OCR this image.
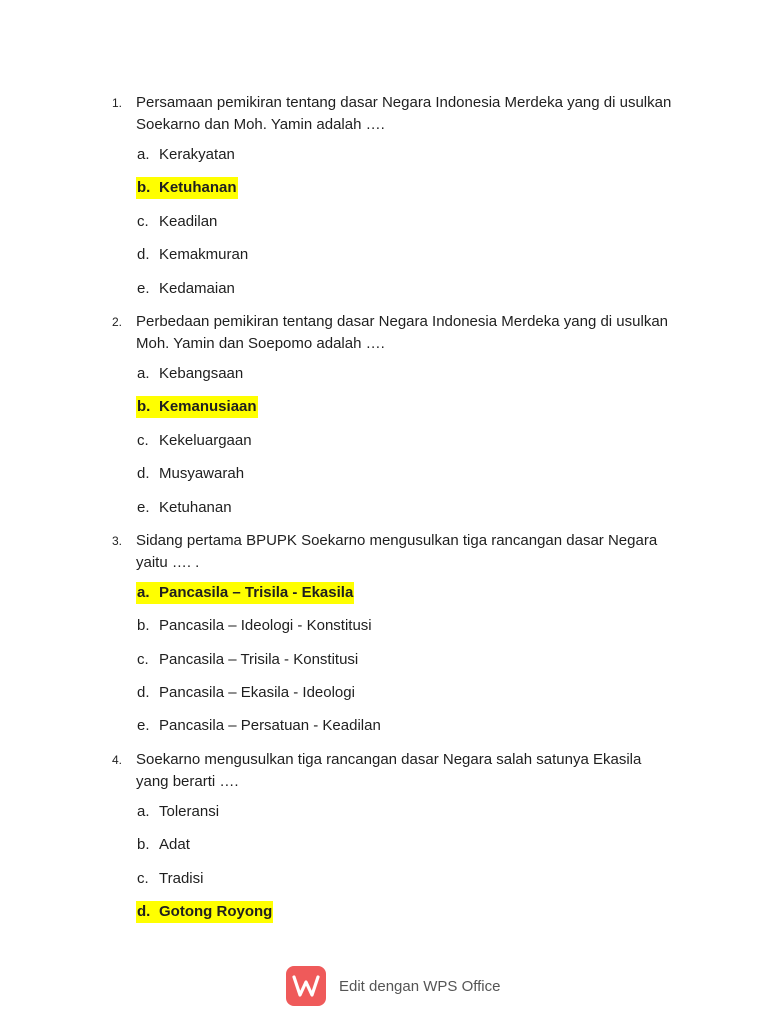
1. Persamaan pemikiran tentang dasar Negara Indonesia Merdeka yang di usulkan Soekarno dan Moh. Yamin adalah ….
a. Kerakyatan
b. Ketuhanan
c. Keadilan
d. Kemakmuran
e. Kedamaian
2. Perbedaan pemikiran tentang dasar Negara Indonesia Merdeka yang di usulkan Moh. Yamin dan Soepomo adalah ….
a. Kebangsaan
b. Kemanusiaan
c. Kekeluargaan
d. Musyawarah
e. Ketuhanan
3. Sidang pertama BPUPK Soekarno mengusulkan tiga rancangan dasar Negara yaitu …. .
a. Pancasila – Trisila - Ekasila
b. Pancasila – Ideologi - Konstitusi
c. Pancasila – Trisila - Konstitusi
d. Pancasila – Ekasila - Ideologi
e. Pancasila – Persatuan - Keadilan
4. Soekarno mengusulkan tiga rancangan dasar Negara salah satunya Ekasila yang berarti ….
a. Toleransi
b. Adat
c. Tradisi
d. Gotong Royong
Edit dengan WPS Office
